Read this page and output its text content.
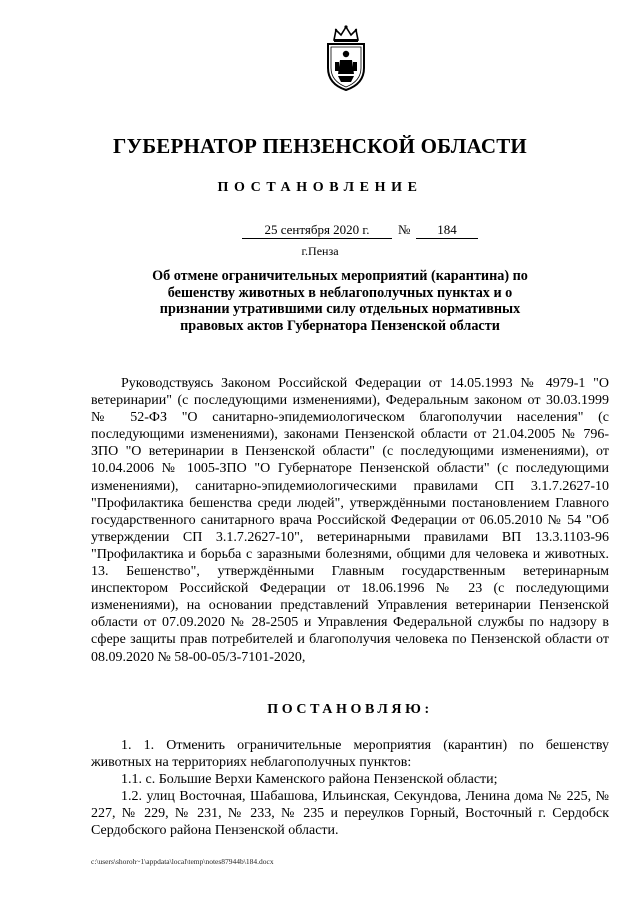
ГУБЕРНАТОР ПЕНЗЕНСКОЙ ОБЛАСТИ
ПОСТАНОВЛЕНИЕ
25 сентября 2020 г.	№	184
г.Пенза
Об отмене ограничительных мероприятий (карантина) по бешенству животных в неблагополучных пунктах и о признании утратившими силу отдельных нормативных правовых актов Губернатора Пензенской области

Руководствуясь Законом Российской Федерации от 14.05.1993 № 4979-1 "О ветеринарии" (с последующими изменениями), Федеральным законом от 30.03.1999 № 52-ФЗ "О санитарно-эпидемиологическом благополучии населения" (с последующими изменениями), законами Пензенской области от 21.04.2005 № 796-ЗПО "О ветеринарии в Пензенской области" (с последующими изменениями), от 10.04.2006 № 1005-ЗПО "О Губернаторе Пензенской области" (с последующими изменениями), санитарно-эпидемиологическими правилами СП 3.1.7.2627-10 "Профилактика бешенства среди людей", утверждёнными постановлением Главного государственного санитарного врача Российской Федерации от 06.05.2010 № 54 "Об утверждении СП 3.1.7.2627-10", ветеринарными правилами ВП 13.3.1103-96 "Профилактика и борьба с заразными болезнями, общими для человека и животных. 13. Бешенство", утверждёнными Главным государственным ветеринарным инспектором Российской Федерации от 18.06.1996 № 23 (с последующими изменениями), на основании представлений Управления ветеринарии Пензенской области от 07.09.2020 № 28-2505 и Управления Федеральной службы по надзору в сфере защиты прав потребителей и благополучия человека по Пензенской области от 08.09.2020 № 58-00-05/3-7101-2020,

ПОСТАНОВЛЯЮ:

1. 1. Отменить ограничительные мероприятия (карантин) по бешенству животных на территориях неблагополучных пунктов:

1.1. с. Большие Верхи Каменского района Пензенской области;

1.2. улиц Восточная, Шабашова, Ильинская, Секундова, Ленина дома № 225, № 227, № 229, № 231, № 233, № 235 и переулков Горный, Восточный г. Сердобск Сердобского района Пензенской области.

c:\users\shoroh~1\appdata\local\temp\notes87944b\184.docx
